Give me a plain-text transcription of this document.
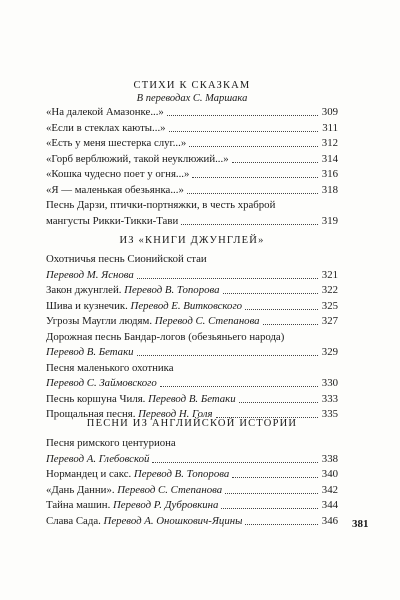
СТИХИ К СКАЗКАМ
В переводах С. Маршака
«На далекой Амазонке...»	309
«Если в стеклах каюты...»	311
«Есть у меня шестерка слуг...»	312
«Горб верблюжий, такой неуклюжий...»	314
«Кошка чудесно поет у огня...»	316
«Я — маленькая обезьянка...»	318
Песнь Дарзи, птички-портняжки, в честь храброй
мангусты Рикки-Тикки-Тави	319
ИЗ «КНИГИ ДЖУНГЛЕЙ»
Охотничья песнь Сионийской стаи
Перевод М. Яснова	321
Закон джунглей. Перевод В. Топорова	322
Шива и кузнечик. Перевод Е. Витковского	325
Угрозы Маугли людям. Перевод С. Степанова	327
Дорожная песнь Бандар-логов (обезьяньего народа)
Перевод В. Бетаки	329
Песня маленького охотника
Перевод С. Займовского	330
Песнь коршуна Чиля. Перевод В. Бетаки	333
Прощальная песня. Перевод Н. Голя	335
ПЕСНИ ИЗ АНГЛИЙСКОЙ ИСТОРИИ
Песня римского центуриона
Перевод А. Глебовской	338
Нормандец и сакс. Перевод В. Топорова	340
«Дань Данни». Перевод С. Степанова	342
Тайна машин. Перевод Р. Дубровкина	344
Слава Сада. Перевод А. Оношкович-Яцины	346 381
